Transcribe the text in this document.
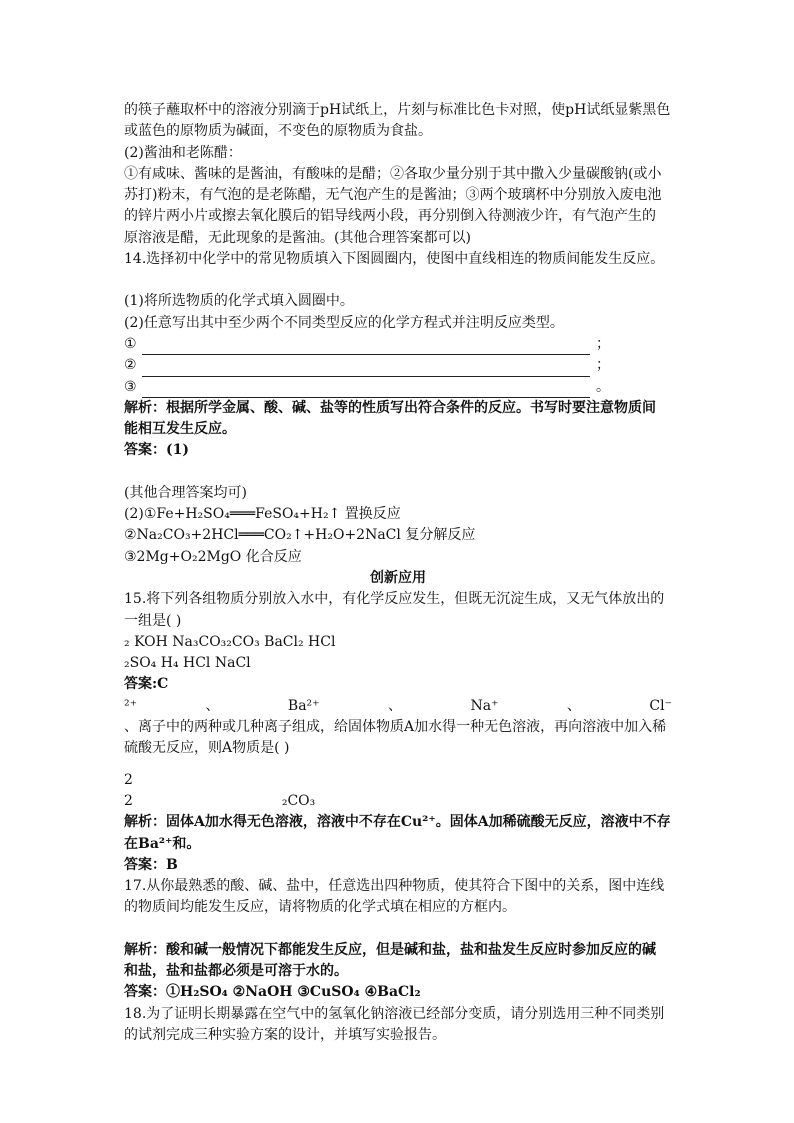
的筷子蘸取杯中的溶液分别滴于pH试纸上，片刻与标准比色卡对照，使pH试纸显紫黑色
或蓝色的原物质为碱面，不变色的原物质为食盐。
(2)酱油和老陈醋：
①有咸味、酱味的是酱油，有酸味的是醋；②各取少量分别于其中撒入少量碳酸钠(或小
苏打)粉末，有气泡的是老陈醋，无气泡产生的是酱油；③两个玻璃杯中分别放入废电池
的锌片两小片或擦去氧化膜后的铝导线两小段，再分别倒入待测液少许，有气泡产生的
原溶液是醋，无此现象的是酱油。(其他合理答案都可以)
14.选择初中化学中的常见物质填入下图圆圈内，使图中直线相连的物质间能发生反应。
(1)将所选物质的化学式填入圆圈中。
(2)任意写出其中至少两个不同类型反应的化学方程式并注明反应类型。
①	；
②	；
③	。
解析：根据所学金属、酸、碱、盐等的性质写出符合条件的反应。书写时要注意物质间
能相互发生反应。
答案：(1)
(其他合理答案均可)
(2)①Fe+H₂SO₄═══FeSO₄+H₂↑ 置换反应
②Na₂CO₃+2HCl═══CO₂↑+H₂O+2NaCl 复分解反应
③2Mg+O₂2MgO 化合反应
创新应用
15.将下列各组物质分别放入水中，有化学反应发生，但既无沉淀生成，又无气体放出的
一组是( )
₂ KOH Na₃CO₃₂CO₃ BaCl₂ HCl
₂SO₄ H₄ HCl NaCl
答案:C
²⁺	、	Ba²⁺	、	Na⁺	、	Cl⁻
、离子中的两种或几种离子组成，给固体物质A加水得一种无色溶液，再向溶液中加入稀
硫酸无反应，则A物质是( )
2
2	₂CO₃
解析：固体A加水得无色溶液，溶液中不存在Cu²⁺。固体A加稀硫酸无反应，溶液中不存
在Ba²⁺和。
答案：B
17.从你最熟悉的酸、碱、盐中，任意选出四种物质，使其符合下图中的关系，图中连线
的物质间均能发生反应，请将物质的化学式填在相应的方框内。
解析：酸和碱一般情况下都能发生反应，但是碱和盐，盐和盐发生反应时参加反应的碱
和盐，盐和盐都必须是可溶于水的。
答案：①H₂SO₄ ②NaOH ③CuSO₄ ④BaCl₂
18.为了证明长期暴露在空气中的氢氧化钠溶液已经部分变质，请分别选用三种不同类别
的试剂完成三种实验方案的设计，并填写实验报告。
